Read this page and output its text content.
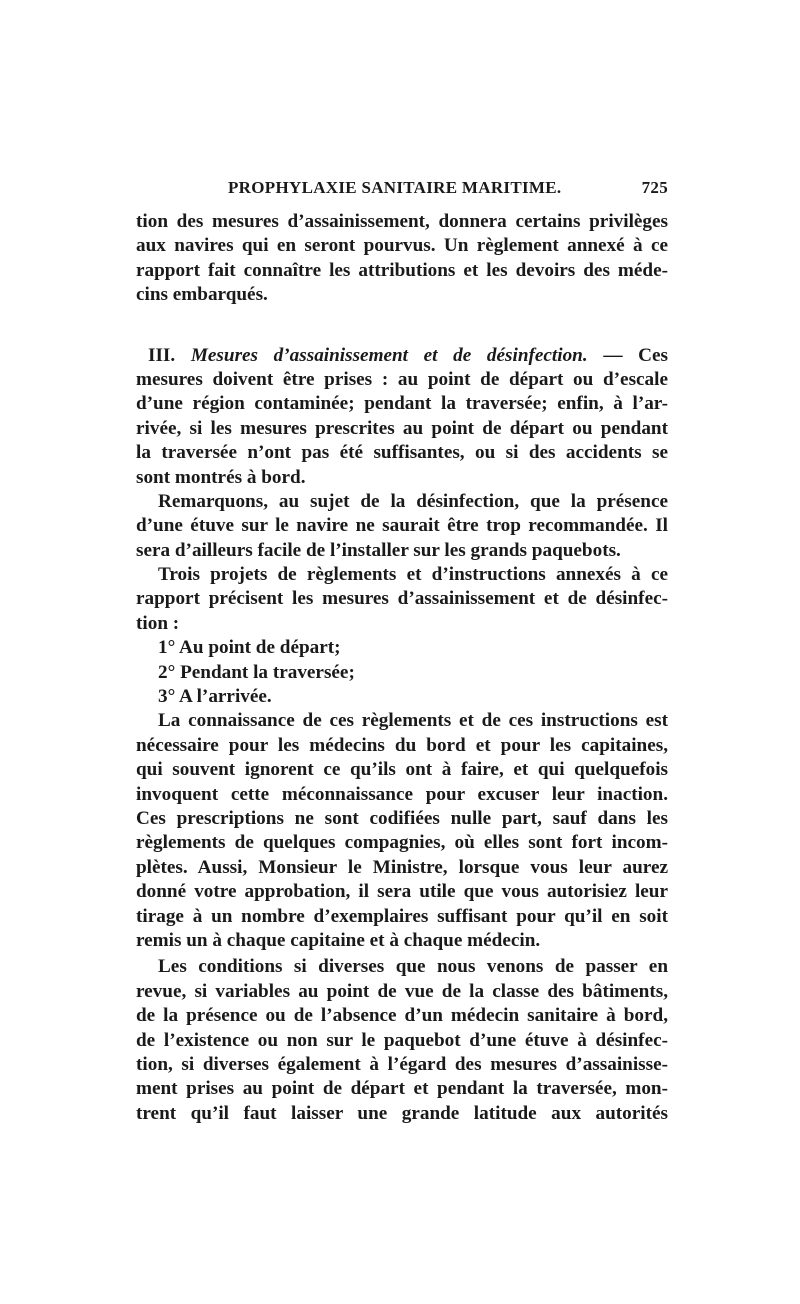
PROPHYLAXIE SANITAIRE MARITIME.	725
tion des mesures d’assainissement, donnera certains privilèges
aux navires qui en seront pourvus. Un règlement annexé à ce
rapport fait connaître les attributions et les devoirs des méde-
cins embarqués.
III. Mesures d’assainissement et de désinfection. — Ces
mesures doivent être prises : au point de départ ou d’escale
d’une région contaminée; pendant la traversée; enfin, à l’ar-
rivée, si les mesures prescrites au point de départ ou pendant
la traversée n’ont pas été suffisantes, ou si des accidents se
sont montrés à bord.
Remarquons, au sujet de la désinfection, que la présence
d’une étuve sur le navire ne saurait être trop recommandée. Il
sera d’ailleurs facile de l’installer sur les grands paquebots.
Trois projets de règlements et d’instructions annexés à ce
rapport précisent les mesures d’assainissement et de désinfec-
tion :
1° Au point de départ;
2° Pendant la traversée;
3° A l’arrivée.
La connaissance de ces règlements et de ces instructions est
nécessaire pour les médecins du bord et pour les capitaines,
qui souvent ignorent ce qu’ils ont à faire, et qui quelquefois
invoquent cette méconnaissance pour excuser leur inaction.
Ces prescriptions ne sont codifiées nulle part, sauf dans les
règlements de quelques compagnies, où elles sont fort incom-
plètes. Aussi, Monsieur le Ministre, lorsque vous leur aurez
donné votre approbation, il sera utile que vous autorisiez leur
tirage à un nombre d’exemplaires suffisant pour qu’il en soit
remis un à chaque capitaine et à chaque médecin.
Les conditions si diverses que nous venons de passer en
revue, si variables au point de vue de la classe des bâtiments,
de la présence ou de l’absence d’un médecin sanitaire à bord,
de l’existence ou non sur le paquebot d’une étuve à désinfec-
tion, si diverses également à l’égard des mesures d’assainisse-
ment prises au point de départ et pendant la traversée, mon-
trent qu’il faut laisser une grande latitude aux autorités
